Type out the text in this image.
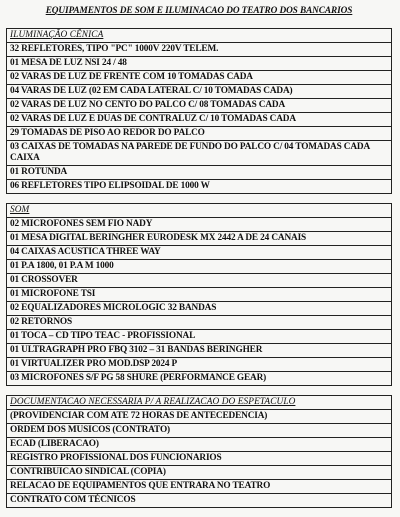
EQUIPAMENTOS DE SOM E ILUMINACAO DO TEATRO DOS BANCARIOS
ILUMINAÇÃO CÊNICA
32 REFLETORES, TIPO "PC" 1000V 220V TELEM.
01 MESA DE LUZ NSI 24 / 48
02 VARAS DE LUZ DE FRENTE COM 10 TOMADAS CADA
04 VARAS DE LUZ (02 EM CADA LATERAL C/ 10 TOMADAS CADA)
02 VARAS DE LUZ NO CENTO DO PALCO C/ 08 TOMADAS CADA
02 VARAS DE LUZ E DUAS DE CONTRALUZ C/ 10 TOMADAS CADA
29 TOMADAS DE PISO AO REDOR DO PALCO
03 CAIXAS DE TOMADAS NA PAREDE DE FUNDO DO PALCO C/ 04 TOMADAS CADA CAIXA
01 ROTUNDA
06 REFLETORES TIPO ELIPSOIDAL DE 1000 W
SOM
02 MICROFONES SEM FIO NADY
01 MESA DIGITAL BERINGHER EURODESK MX 2442 A DE 24 CANAIS
04 CAIXAS ACUSTICA THREE WAY
01 P.A 1800, 01 P.A M 1000
01 CROSSOVER
01 MICROFONE TSI
02 EQUALIZADORES MICROLOGIC 32 BANDAS
02 RETORNOS
01 TOCA – CD TIPO TEAC - PROFISSIONAL
01 ULTRAGRAPH PRO FBQ 3102 – 31 BANDAS BERINGHER
01 VIRTUALIZER PRO MOD.DSP 2024 P
03 MICROFONES S/F PG 58 SHURE (PERFORMANCE GEAR)
DOCUMENTACAO NECESSARIA P/ A REALIZACAO DO ESPETACULO
(PROVIDENCIAR COM ATE 72 HORAS DE ANTECEDENCIA)
ORDEM DOS MUSICOS (CONTRATO)
ECAD (LIBERACAO)
REGISTRO PROFISSIONAL DOS FUNCIONARIOS
CONTRIBUICAO SINDICAL (COPIA)
RELACAO DE EQUIPAMENTOS QUE ENTRARA NO TEATRO
CONTRATO COM TÉCNICOS
